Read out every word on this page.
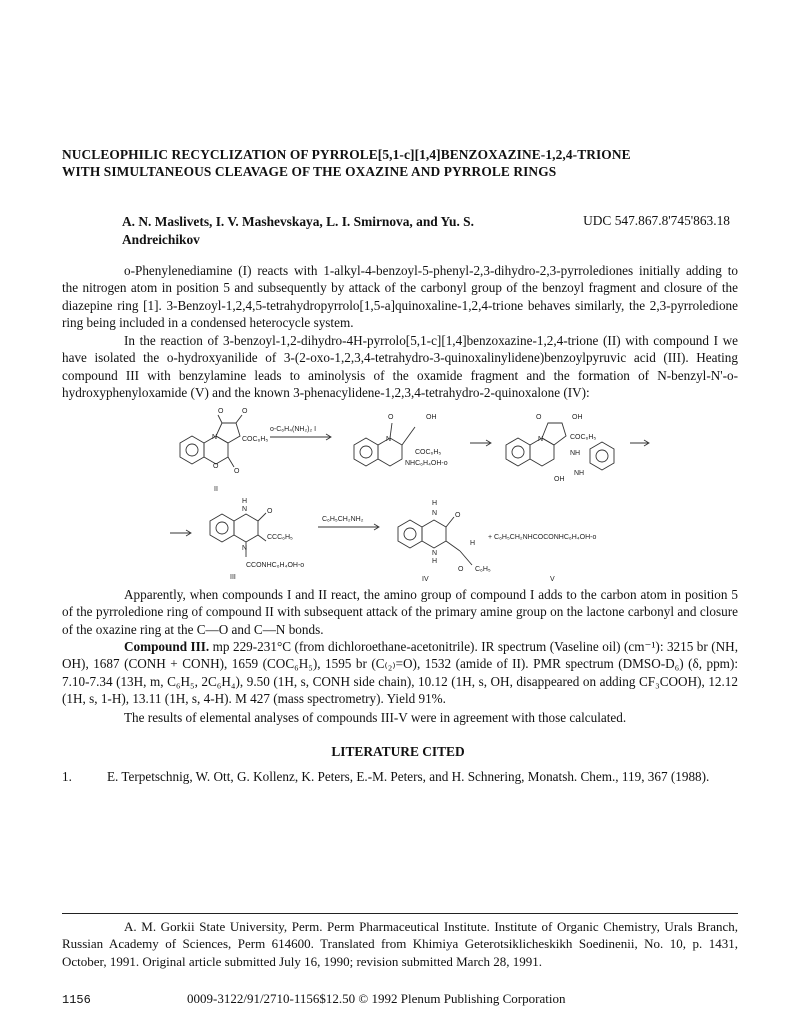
NUCLEOPHILIC RECYCLIZATION OF PYRROLE[5,1-c][1,4]BENZOXAZINE-1,2,4-TRIONE WITH SIMULTANEOUS CLEAVAGE OF THE OXAZINE AND PYRROLE RINGS
A. N. Maslivets, I. V. Mashevskaya, L. I. Smirnova, and Yu. S. Andreichikov
UDC 547.867.8'745'863.18
o-Phenylenediamine (I) reacts with 1-alkyl-4-benzoyl-5-phenyl-2,3-dihydro-2,3-pyrrolediones initially adding to the nitrogen atom in position 5 and subsequently by attack of the carbonyl group of the benzoyl fragment and closure of the diazepine ring [1]. 3-Benzoyl-1,2,4,5-tetrahydropyrrolo[1,5-a]quinoxaline-1,2,4-trione behaves similarly, the 2,3-pyrroledione ring being included in a condensed heterocycle system.
In the reaction of 3-benzoyl-1,2-dihydro-4H-pyrrolo[5,1-c][1,4]benzoxazine-1,2,4-trione (II) with compound I we have isolated the o-hydroxyanilide of 3-(2-oxo-1,2,3,4-tetrahydro-3-quinoxalinylidene)benzoylpyruvic acid (III). Heating compound III with benzylamine leads to aminolysis of the oxamide fragment and the formation of N-benzyl-N'-o-hydroxyphenyloxamide (V) and the known 3-phenacylidene-1,2,3,4-tetrahydro-2-quinoxalone (IV):
O	O
N
O
O
COC₆H₅
II
o-C₆H₄(NH₂)₂ I
O	OH
COC₆H₅
NHC₆H₄OH-o
N
O	OH
COC₆H₅
NH
NH
OH
N
H
N	O
CCC₆H₅
N
CCONHC₆H₄OH-o
III
C₆H₅CH₂NH₂
H
N	O
H
N
H
O C₆H₅
IV
+ C₆H₅CH₂NHCOCONHC₆H₄OH-o
V
Apparently, when compounds I and II react, the amino group of compound I adds to the carbon atom in position 5 of the pyrroledione ring of compound II with subsequent attack of the primary amine group on the lactone carbonyl and closure of the oxazine ring at the C—O and C—N bonds.
Compound III. mp 229-231°C (from dichloroethane-acetonitrile). IR spectrum (Vaseline oil) (cm⁻¹): 3215 br (NH, OH), 1687 (CONH + CONH), 1659 (COC₆H₅), 1595 br (C₍₂₎=O), 1532 (amide of II). PMR spectrum (DMSO-D₆) (δ, ppm): 7.10-7.34 (13H, m, C₆H₅, 2C₆H₄), 9.50 (1H, s, CONH side chain), 10.12 (1H, s, OH, disappeared on adding CF₃COOH), 12.12 (1H, s, 1-H), 13.11 (1H, s, 4-H). M 427 (mass spectrometry). Yield 91%.
The results of elemental analyses of compounds III-V were in agreement with those calculated.
LITERATURE CITED
1.	E. Terpetschnig, W. Ott, G. Kollenz, K. Peters, E.-M. Peters, and H. Schnering, Monatsh. Chem., 119, 367 (1988).
A. M. Gorkii State University, Perm. Perm Pharmaceutical Institute. Institute of Organic Chemistry, Urals Branch, Russian Academy of Sciences, Perm 614600. Translated from Khimiya Geterotsiklicheskikh Soedinenii, No. 10, p. 1431, October, 1991. Original article submitted July 16, 1990; revision submitted March 28, 1991.
1156	0009-3122/91/2710-1156$12.50 © 1992 Plenum Publishing Corporation
